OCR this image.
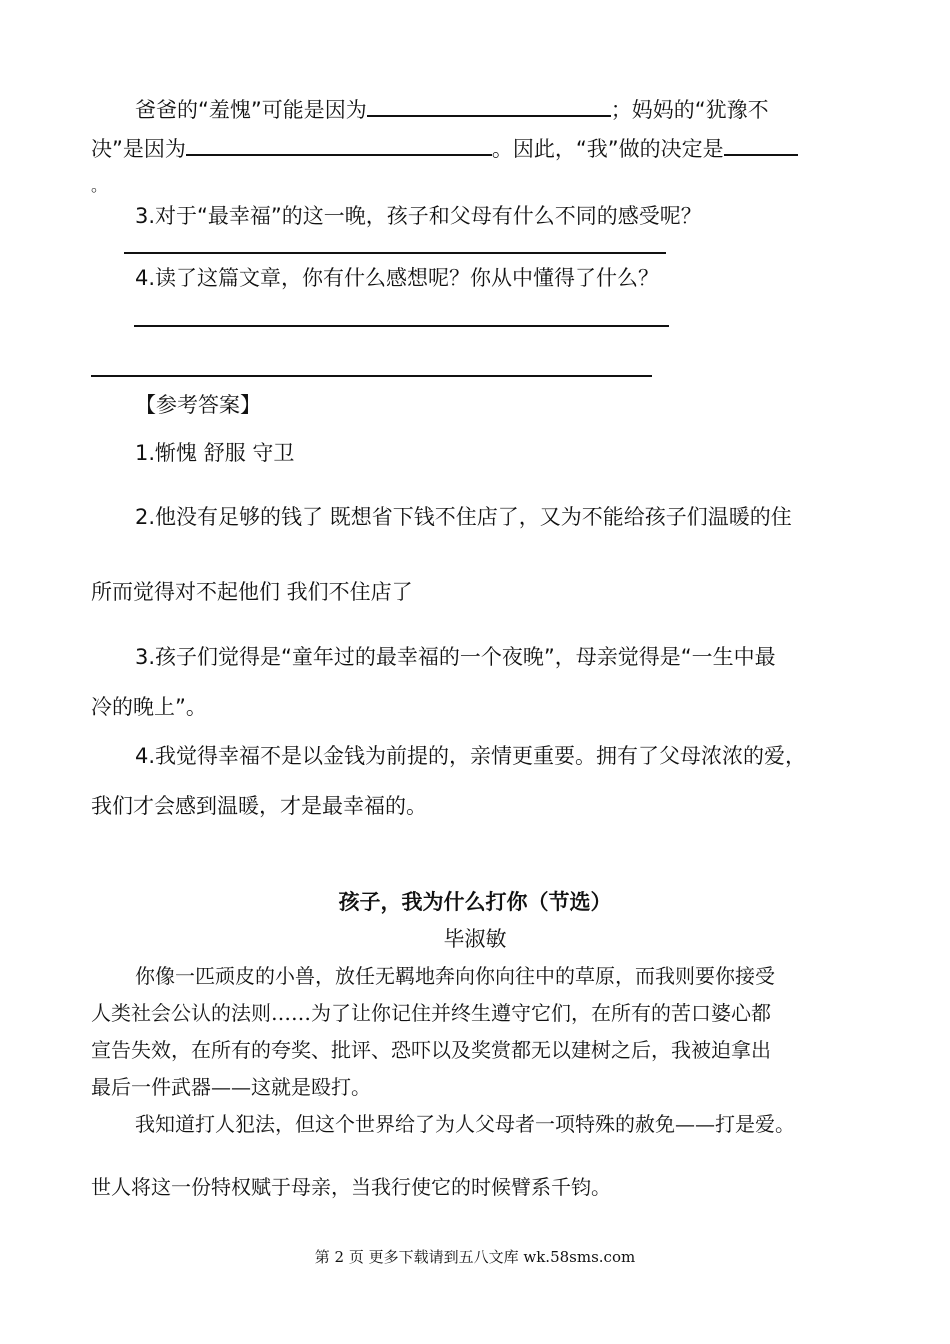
爸爸的“羞愧”可能是因为	；妈妈的“犹豫不
决”是因为	。因此，“我”做的决定是
。
3.对于“最幸福”的这一晚，孩子和父母有什么不同的感受呢？
4.读了这篇文章，你有什么感想呢？你从中懂得了什么？
【参考答案】
1.惭愧 舒服 守卫
2.他没有足够的钱了 既想省下钱不住店了，又为不能给孩子们温暖的住
所而觉得对不起他们 我们不住店了
3.孩子们觉得是“童年过的最幸福的一个夜晚”，母亲觉得是“一生中最
冷的晚上”。
4.我觉得幸福不是以金钱为前提的，亲情更重要。拥有了父母浓浓的爱，
我们才会感到温暖，才是最幸福的。
孩子，我为什么打你（节选）
毕淑敏
你像一匹顽皮的小兽，放任无羁地奔向你向往中的草原，而我则要你接受
人类社会公认的法则……为了让你记住并终生遵守它们，在所有的苦口婆心都
宣告失效，在所有的夸奖、批评、恐吓以及奖赏都无以建树之后，我被迫拿出
最后一件武器——这就是殴打。
我知道打人犯法，但这个世界给了为人父母者一项特殊的赦免——打是爱。
世人将这一份特权赋于母亲，当我行使它的时候臂系千钧。
第 2 页 更多下载请到五八文库 wk.58sms.com
